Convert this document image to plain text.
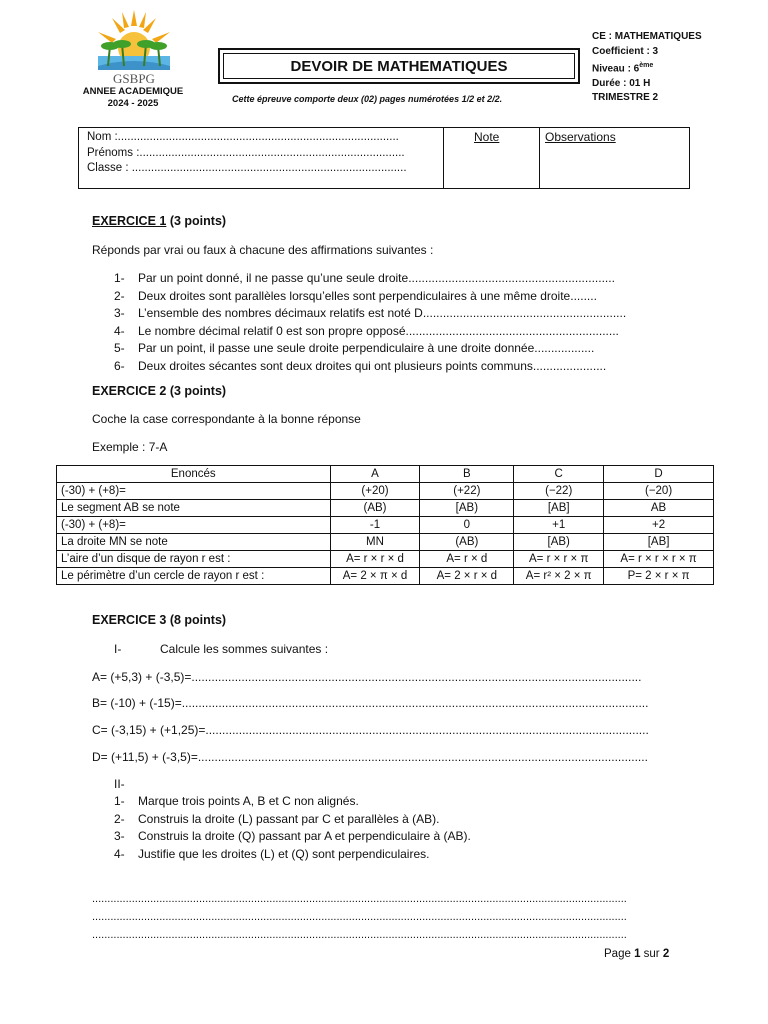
GSBPG
ANNEE ACADEMIQUE
2024 - 2025
DEVOIR DE MATHEMATIQUES
Cette épreuve comporte deux (02) pages numérotées 1/2 et 2/2.
CE : MATHEMATIQUES
Coefficient : 3
Niveau : 6ème
Durée : 01 H
TRIMESTRE 2
Nom :........................................................................................
Prénoms :...................................................................................
Classe : ......................................................................................
Note	Observations
EXERCICE 1 (3 points)
Réponds par vrai ou faux à chacune des affirmations suivantes :
1- Par un point donné, il ne passe qu’une seule droite..............................................................
2- Deux droites sont parallèles lorsqu’elles sont perpendiculaires à une même droite........
3- L’ensemble des nombres décimaux relatifs est noté D.............................................................
4- Le nombre décimal relatif 0 est son propre opposé................................................................
5- Par un point, il passe une seule droite perpendiculaire à une droite donnée..................
6- Deux droites sécantes sont deux droites qui ont plusieurs points communs......................
EXERCICE 2 (3 points)
Coche la case correspondante à la bonne réponse
Exemple : 7-A
Enoncés	A	B	C	D
(-30) + (+8)=	(+20)	(+22)	(−22)	(−20)
Le segment AB se note	(AB)	[AB)	[AB]	AB
(-30) + (+8)=	-1	0	+1	+2
La droite MN se note	MN	(AB)	[AB)	[AB]
L’aire d’un disque de rayon r est :	A= r × r × d	A= r × d	A= r × r × π	A= r × r × r × π
Le périmètre d’un cercle de rayon r est :	A= 2 × π × d	A= 2 × r × d	A= r² × 2 × π	P= 2 × r × π
EXERCICE 3 (8 points)
I-	Calcule les sommes suivantes :
A= (+5,3) + (-3,5)=.......................................................................................................................................
B= (-10) + (-15)=............................................................................................................................................
C= (-3,15) + (+1,25)=.....................................................................................................................................
D= (+11,5) + (-3,5)=.......................................................................................................................................
II-
1- Marque trois points A, B et C non alignés.
2- Construis la droite (L) passant par C et parallèles à (AB).
3- Construis la droite (Q) passant par A et perpendiculaire à (AB).
4- Justifie que les droites (L) et (Q) sont perpendiculaires.
...............................................................................................................................................................................
...............................................................................................................................................................................
...............................................................................................................................................................................
Page 1 sur 2
